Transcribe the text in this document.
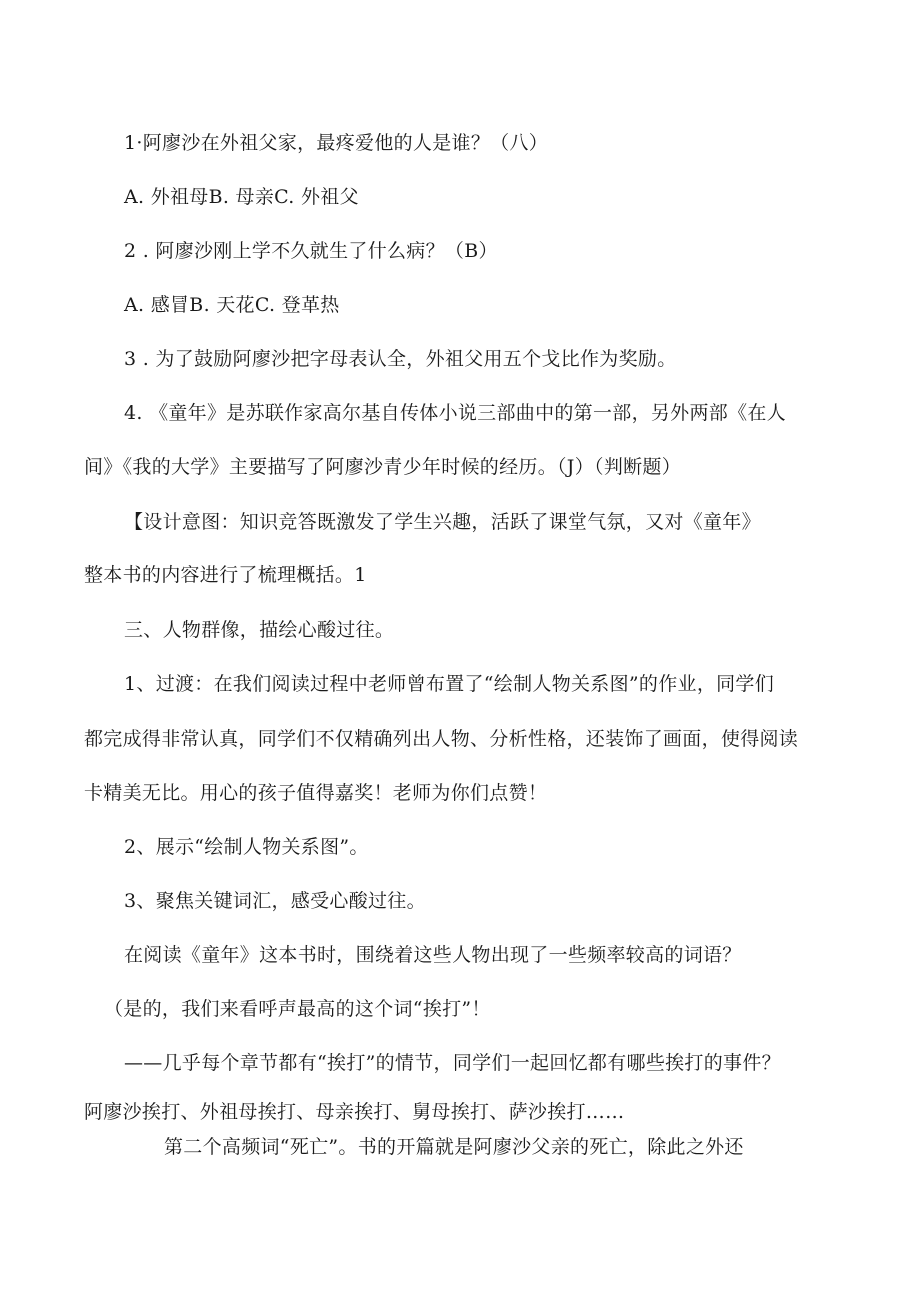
1·阿廖沙在外祖父家，最疼爱他的人是谁？（八）
A. 外祖母B. 母亲C. 外祖父
2 . 阿廖沙刚上学不久就生了什么病？（B）
A. 感冒B. 天花C. 登革热
3 . 为了鼓励阿廖沙把字母表认全，外祖父用五个戈比作为奖励。
4. 《童年》是苏联作家高尔基自传体小说三部曲中的第一部，另外两部《在人
间》《我的大学》主要描写了阿廖沙青少年时候的经历。（J）（判断题）
【设计意图：知识竞答既激发了学生兴趣，活跃了课堂气氛，又对《童年》
整本书的内容进行了梳理概括。1
三、人物群像，描绘心酸过往。
1、过渡：在我们阅读过程中老师曾布置了“绘制人物关系图”的作业，同学们
都完成得非常认真，同学们不仅精确列出人物、分析性格，还装饰了画面，使得阅读
卡精美无比。用心的孩子值得嘉奖！老师为你们点赞！
2、展示“绘制人物关系图”。
3、聚焦关键词汇，感受心酸过往。
在阅读《童年》这本书时，围绕着这些人物出现了一些频率较高的词语？
（是的，我们来看呼声最高的这个词“挨打”！
——几乎每个章节都有“挨打”的情节，同学们一起回忆都有哪些挨打的事件？
阿廖沙挨打、外祖母挨打、母亲挨打、舅母挨打、萨沙挨打……
第二个高频词“死亡”。书的开篇就是阿廖沙父亲的死亡，除此之外还
